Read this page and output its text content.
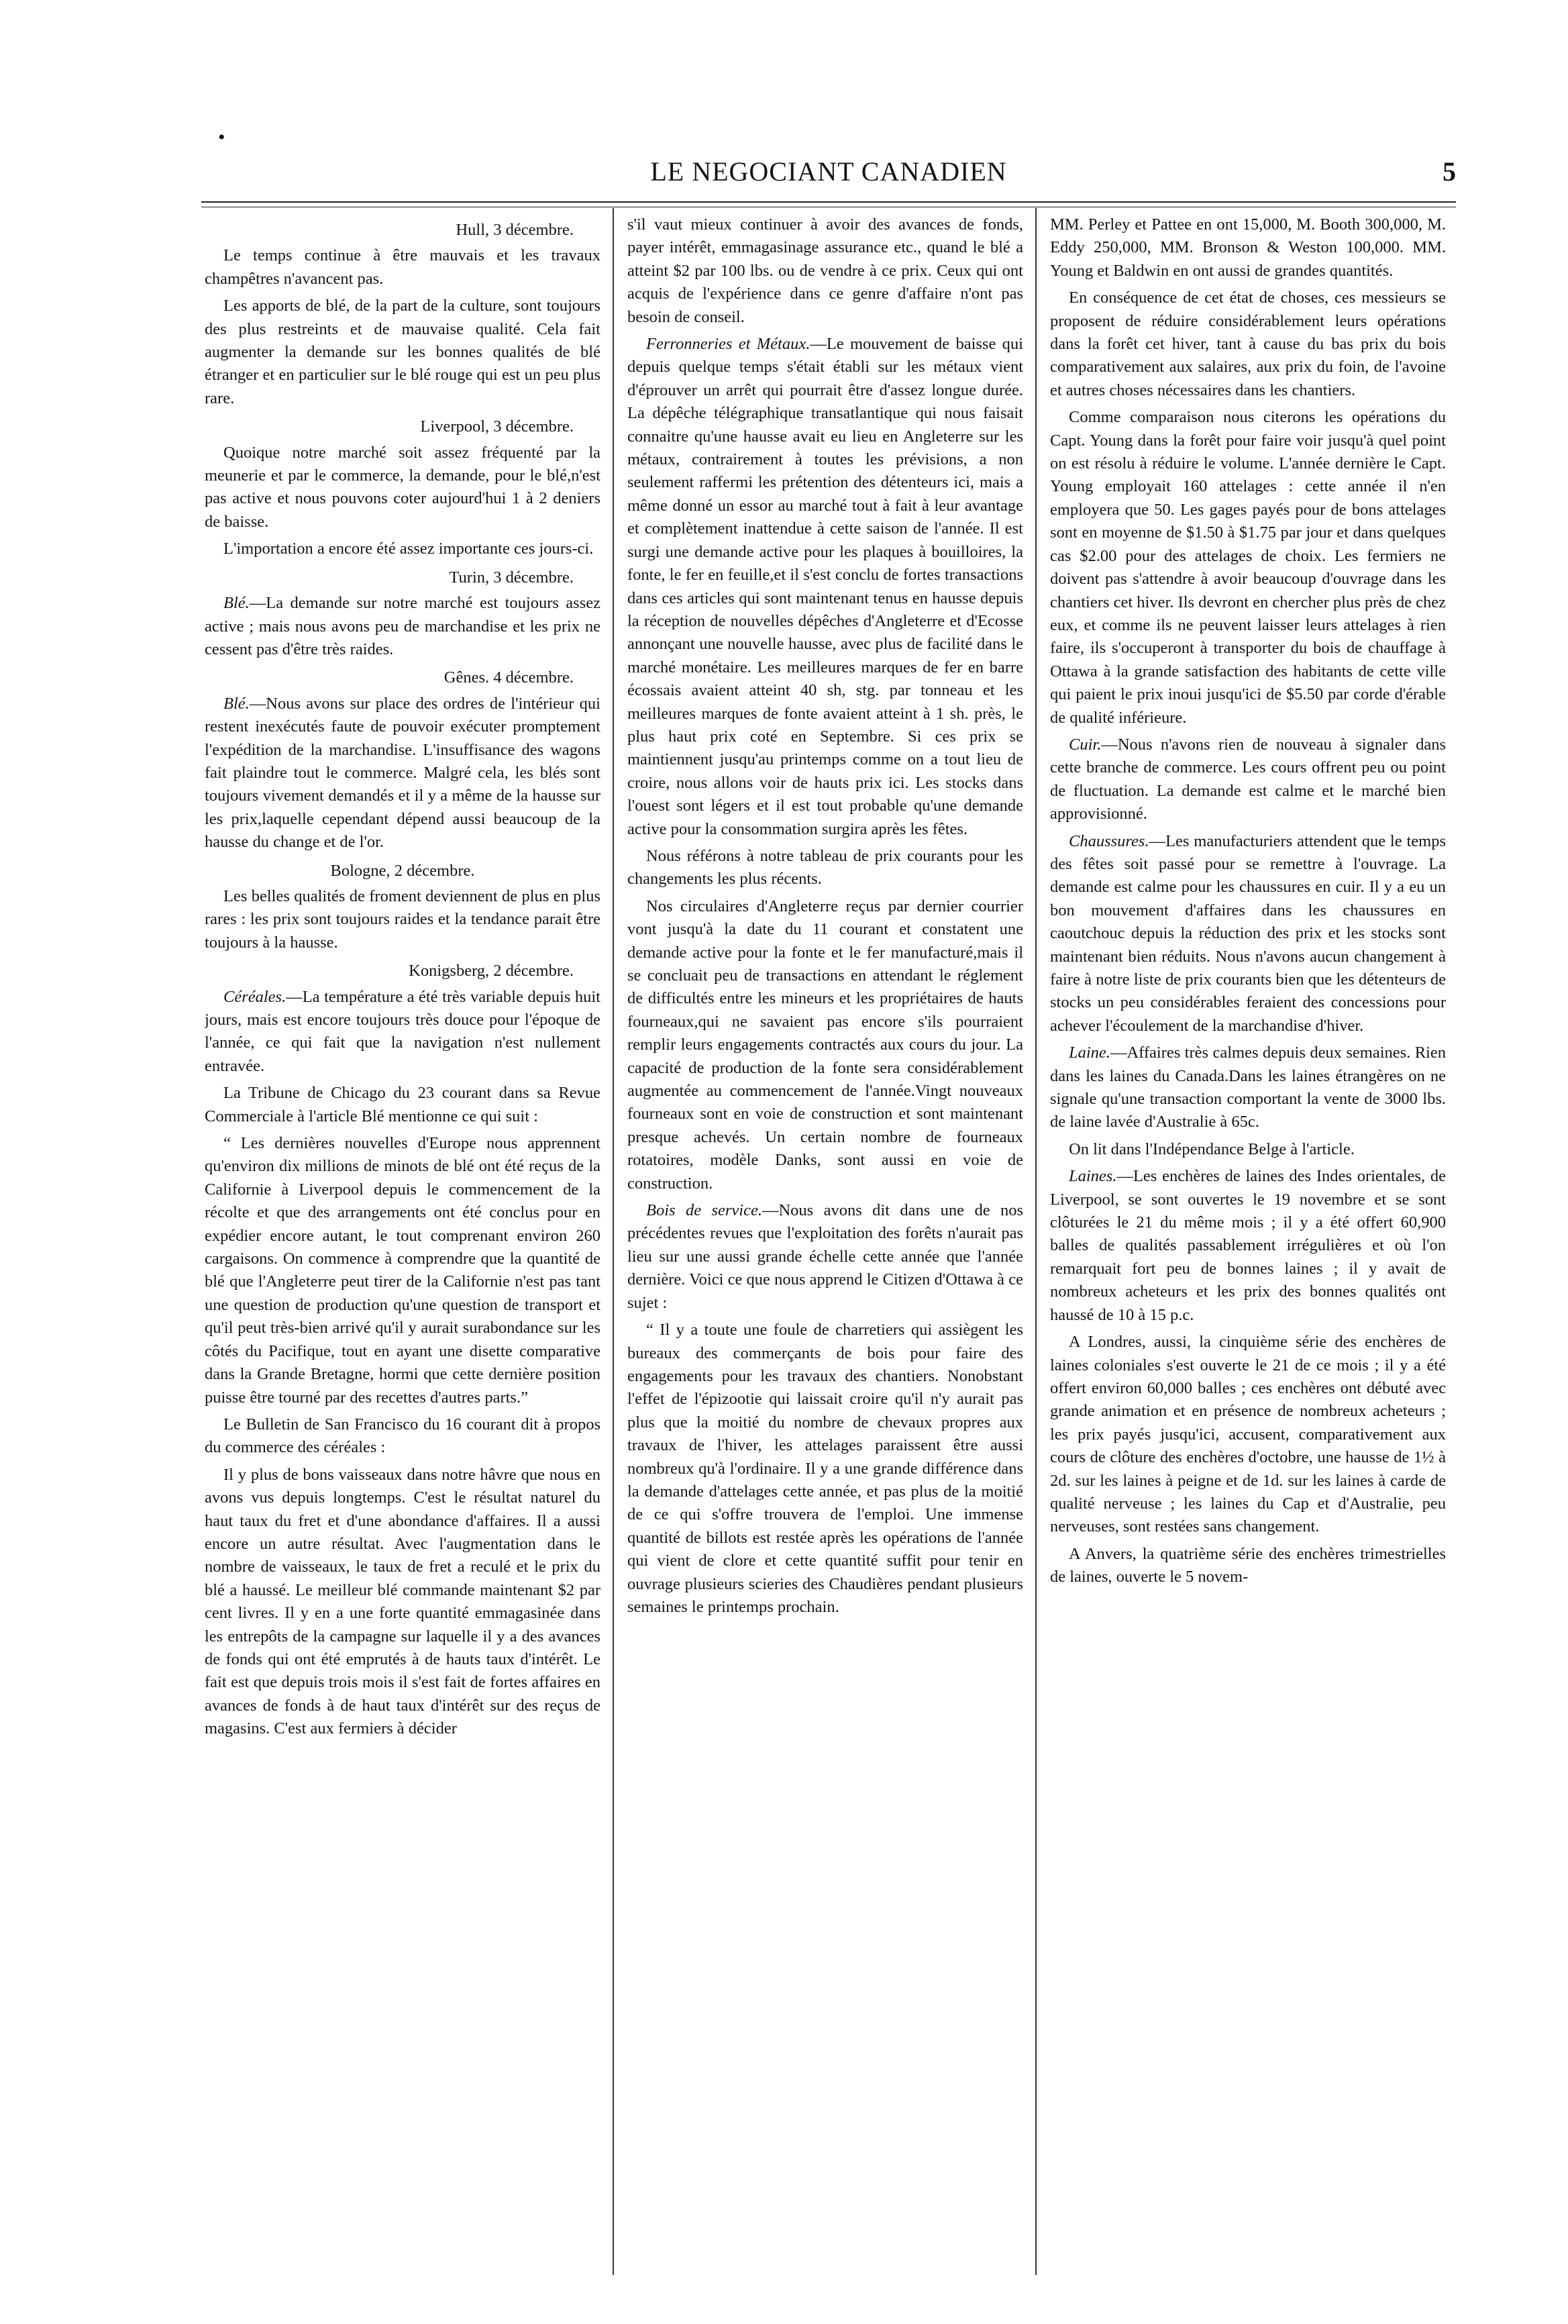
LE NEGOCIANT CANADIEN	5
•
Hull, 3 décembre.

Le temps continue à être mauvais et les travaux champêtres n'avancent pas.

Les apports de blé, de la part de la culture, sont toujours des plus restreints et de mauvaise qualité. Cela fait augmenter la demande sur les bonnes qualités de blé étranger et en particulier sur le blé rouge qui est un peu plus rare.

Liverpool, 3 décembre.

Quoique notre marché soit assez fréquenté par la meunerie et par le commerce, la demande, pour le blé,n'est pas active et nous pouvons coter aujourd'hui 1 à 2 deniers de baisse.

L'importation a encore été assez importante ces jours-ci.

Turin, 3 décembre.

Blé.—La demande sur notre marché est toujours assez active ; mais nous avons peu de marchandise et les prix ne cessent pas d'être très raides.

Gênes. 4 décembre.

Blé.—Nous avons sur place des ordres de l'intérieur qui restent inexécutés faute de pouvoir exécuter promptement l'expédition de la marchandise. L'insuffisance des wagons fait plaindre tout le commerce. Malgré cela, les blés sont toujours vivement demandés et il y a même de la hausse sur les prix,laquelle cependant dépend aussi beaucoup de la hausse du change et de l'or.

Bologne, 2 décembre.

Les belles qualités de froment deviennent de plus en plus rares : les prix sont toujours raides et la tendance parait être toujours à la hausse.

Konigsberg, 2 décembre.

Céréales.—La température a été très variable depuis huit jours, mais est encore toujours très douce pour l'époque de l'année, ce qui fait que la navigation n'est nullement entravée.

La Tribune de Chicago du 23 courant dans sa Revue Commerciale à l'article Blé mentionne ce qui suit :

“ Les dernières nouvelles d'Europe nous apprennent qu'environ dix millions de minots de blé ont été reçus de la Californie à Liverpool depuis le commencement de la récolte et que des arrangements ont été conclus pour en expédier encore autant, le tout comprenant environ 260 cargaisons. On commence à comprendre que la quantité de blé que l'Angleterre peut tirer de la Californie n'est pas tant une question de production qu'une question de transport et qu'il peut très-bien arrivé qu'il y aurait surabondance sur les côtés du Pacifique, tout en ayant une disette comparative dans la Grande Bretagne, hormi que cette dernière position puisse être tourné par des recettes d'autres parts.”

Le Bulletin de San Francisco du 16 courant dit à propos du commerce des céréales :

Il y plus de bons vaisseaux dans notre hâvre que nous en avons vus depuis longtemps. C'est le résultat naturel du haut taux du fret et d'une abondance d'affaires. Il a aussi encore un autre résultat. Avec l'augmentation dans le nombre de vaisseaux, le taux de fret a reculé et le prix du blé a haussé. Le meilleur blé commande maintenant $2 par cent livres. Il y en a une forte quantité emmagasinée dans les entrepôts de la campagne sur laquelle il y a des avances de fonds qui ont été emprutés à de hauts taux d'intérêt. Le fait est que depuis trois mois il s'est fait de fortes affaires en avances de fonds à de haut taux d'intérêt sur des reçus de magasins. C'est aux fermiers à décider

s'il vaut mieux continuer à avoir des avances de fonds, payer intérêt, emmagasinage assurance etc., quand le blé a atteint $2 par 100 lbs. ou de vendre à ce prix. Ceux qui ont acquis de l'expérience dans ce genre d'affaire n'ont pas besoin de conseil.

Ferronneries et Métaux.—Le mouvement de baisse qui depuis quelque temps s'était établi sur les métaux vient d'éprouver un arrêt qui pourrait être d'assez longue durée. La dépêche télégraphique transatlantique qui nous faisait connaitre qu'une hausse avait eu lieu en Angleterre sur les métaux, contrairement à toutes les prévisions, a non seulement raffermi les prétention des détenteurs ici, mais a même donné un essor au marché tout à fait à leur avantage et complètement inattendue à cette saison de l'année. Il est surgi une demande active pour les plaques à bouilloires, la fonte, le fer en feuille,et il s'est conclu de fortes transactions dans ces articles qui sont maintenant tenus en hausse depuis la réception de nouvelles dépêches d'Angleterre et d'Ecosse annonçant une nouvelle hausse, avec plus de facilité dans le marché monétaire. Les meilleures marques de fer en barre écossais avaient atteint 40 sh, stg. par tonneau et les meilleures marques de fonte avaient atteint à 1 sh. près, le plus haut prix coté en Septembre. Si ces prix se maintiennent jusqu'au printemps comme on a tout lieu de croire, nous allons voir de hauts prix ici. Les stocks dans l'ouest sont légers et il est tout probable qu'une demande active pour la consommation surgira après les fêtes.

Nous référons à notre tableau de prix courants pour les changements les plus récents.

Nos circulaires d'Angleterre reçus par dernier courrier vont jusqu'à la date du 11 courant et constatent une demande active pour la fonte et le fer manufacturé,mais il se concluait peu de transactions en attendant le réglement de difficultés entre les mineurs et les propriétaires de hauts fourneaux,qui ne savaient pas encore s'ils pourraient remplir leurs engagements contractés aux cours du jour. La capacité de production de la fonte sera considérablement augmentée au commencement de l'année.Vingt nouveaux fourneaux sont en voie de construction et sont maintenant presque achevés. Un certain nombre de fourneaux rotatoires, modèle Danks, sont aussi en voie de construction.

Bois de service.—Nous avons dit dans une de nos précédentes revues que l'exploitation des forêts n'aurait pas lieu sur une aussi grande échelle cette année que l'année dernière. Voici ce que nous apprend le Citizen d'Ottawa à ce sujet :

“ Il y a toute une foule de charretiers qui assiègent les bureaux des commerçants de bois pour faire des engagements pour les travaux des chantiers. Nonobstant l'effet de l'épizootie qui laissait croire qu'il n'y aurait pas plus que la moitié du nombre de chevaux propres aux travaux de l'hiver, les attelages paraissent être aussi nombreux qu'à l'ordinaire. Il y a une grande différence dans la demande d'attelages cette année, et pas plus de la moitié de ce qui s'offre trouvera de l'emploi. Une immense quantité de billots est restée après les opérations de l'année qui vient de clore et cette quantité suffit pour tenir en ouvrage plusieurs scieries des Chaudières pendant plusieurs semaines le printemps prochain.

MM. Perley et Pattee en ont 15,000, M. Booth 300,000, M. Eddy 250,000, MM. Bronson & Weston 100,000. MM. Young et Baldwin en ont aussi de grandes quantités.

En conséquence de cet état de choses, ces messieurs se proposent de réduire considérablement leurs opérations dans la forêt cet hiver, tant à cause du bas prix du bois comparativement aux salaires, aux prix du foin, de l'avoine et autres choses nécessaires dans les chantiers.

Comme comparaison nous citerons les opérations du Capt. Young dans la forêt pour faire voir jusqu'à quel point on est résolu à réduire le volume. L'année dernière le Capt. Young employait 160 attelages : cette année il n'en employera que 50. Les gages payés pour de bons attelages sont en moyenne de $1.50 à $1.75 par jour et dans quelques cas $2.00 pour des attelages de choix. Les fermiers ne doivent pas s'attendre à avoir beaucoup d'ouvrage dans les chantiers cet hiver. Ils devront en chercher plus près de chez eux, et comme ils ne peuvent laisser leurs attelages à rien faire, ils s'occuperont à transporter du bois de chauffage à Ottawa à la grande satisfaction des habitants de cette ville qui paient le prix inoui jusqu'ici de $5.50 par corde d'érable de qualité inférieure.

Cuir.—Nous n'avons rien de nouveau à signaler dans cette branche de commerce. Les cours offrent peu ou point de fluctuation. La demande est calme et le marché bien approvisionné.

Chaussures.—Les manufacturiers attendent que le temps des fêtes soit passé pour se remettre à l'ouvrage. La demande est calme pour les chaussures en cuir. Il y a eu un bon mouvement d'affaires dans les chaussures en caoutchouc depuis la réduction des prix et les stocks sont maintenant bien réduits. Nous n'avons aucun changement à faire à notre liste de prix courants bien que les détenteurs de stocks un peu considérables feraient des concessions pour achever l'écoulement de la marchandise d'hiver.

Laine.—Affaires très calmes depuis deux semaines. Rien dans les laines du Canada.Dans les laines étrangères on ne signale qu'une transaction comportant la vente de 3000 lbs. de laine lavée d'Australie à 65c.

On lit dans l'Indépendance Belge à l'article.

Laines.—Les enchères de laines des Indes orientales, de Liverpool, se sont ouvertes le 19 novembre et se sont clôturées le 21 du même mois ; il y a été offert 60,900 balles de qualités passablement irrégulières et où l'on remarquait fort peu de bonnes laines ; il y avait de nombreux acheteurs et les prix des bonnes qualités ont haussé de 10 à 15 p.c.

A Londres, aussi, la cinquième série des enchères de laines coloniales s'est ouverte le 21 de ce mois ; il y a été offert environ 60,000 balles ; ces enchères ont débuté avec grande animation et en présence de nombreux acheteurs ; les prix payés jusqu'ici, accusent, comparativement aux cours de clôture des enchères d'octobre, une hausse de 1½ à 2d. sur les laines à peigne et de 1d. sur les laines à carde de qualité nerveuse ; les laines du Cap et d'Australie, peu nerveuses, sont restées sans changement.

A Anvers, la quatrième série des enchères trimestrielles de laines, ouverte le 5 novem-
